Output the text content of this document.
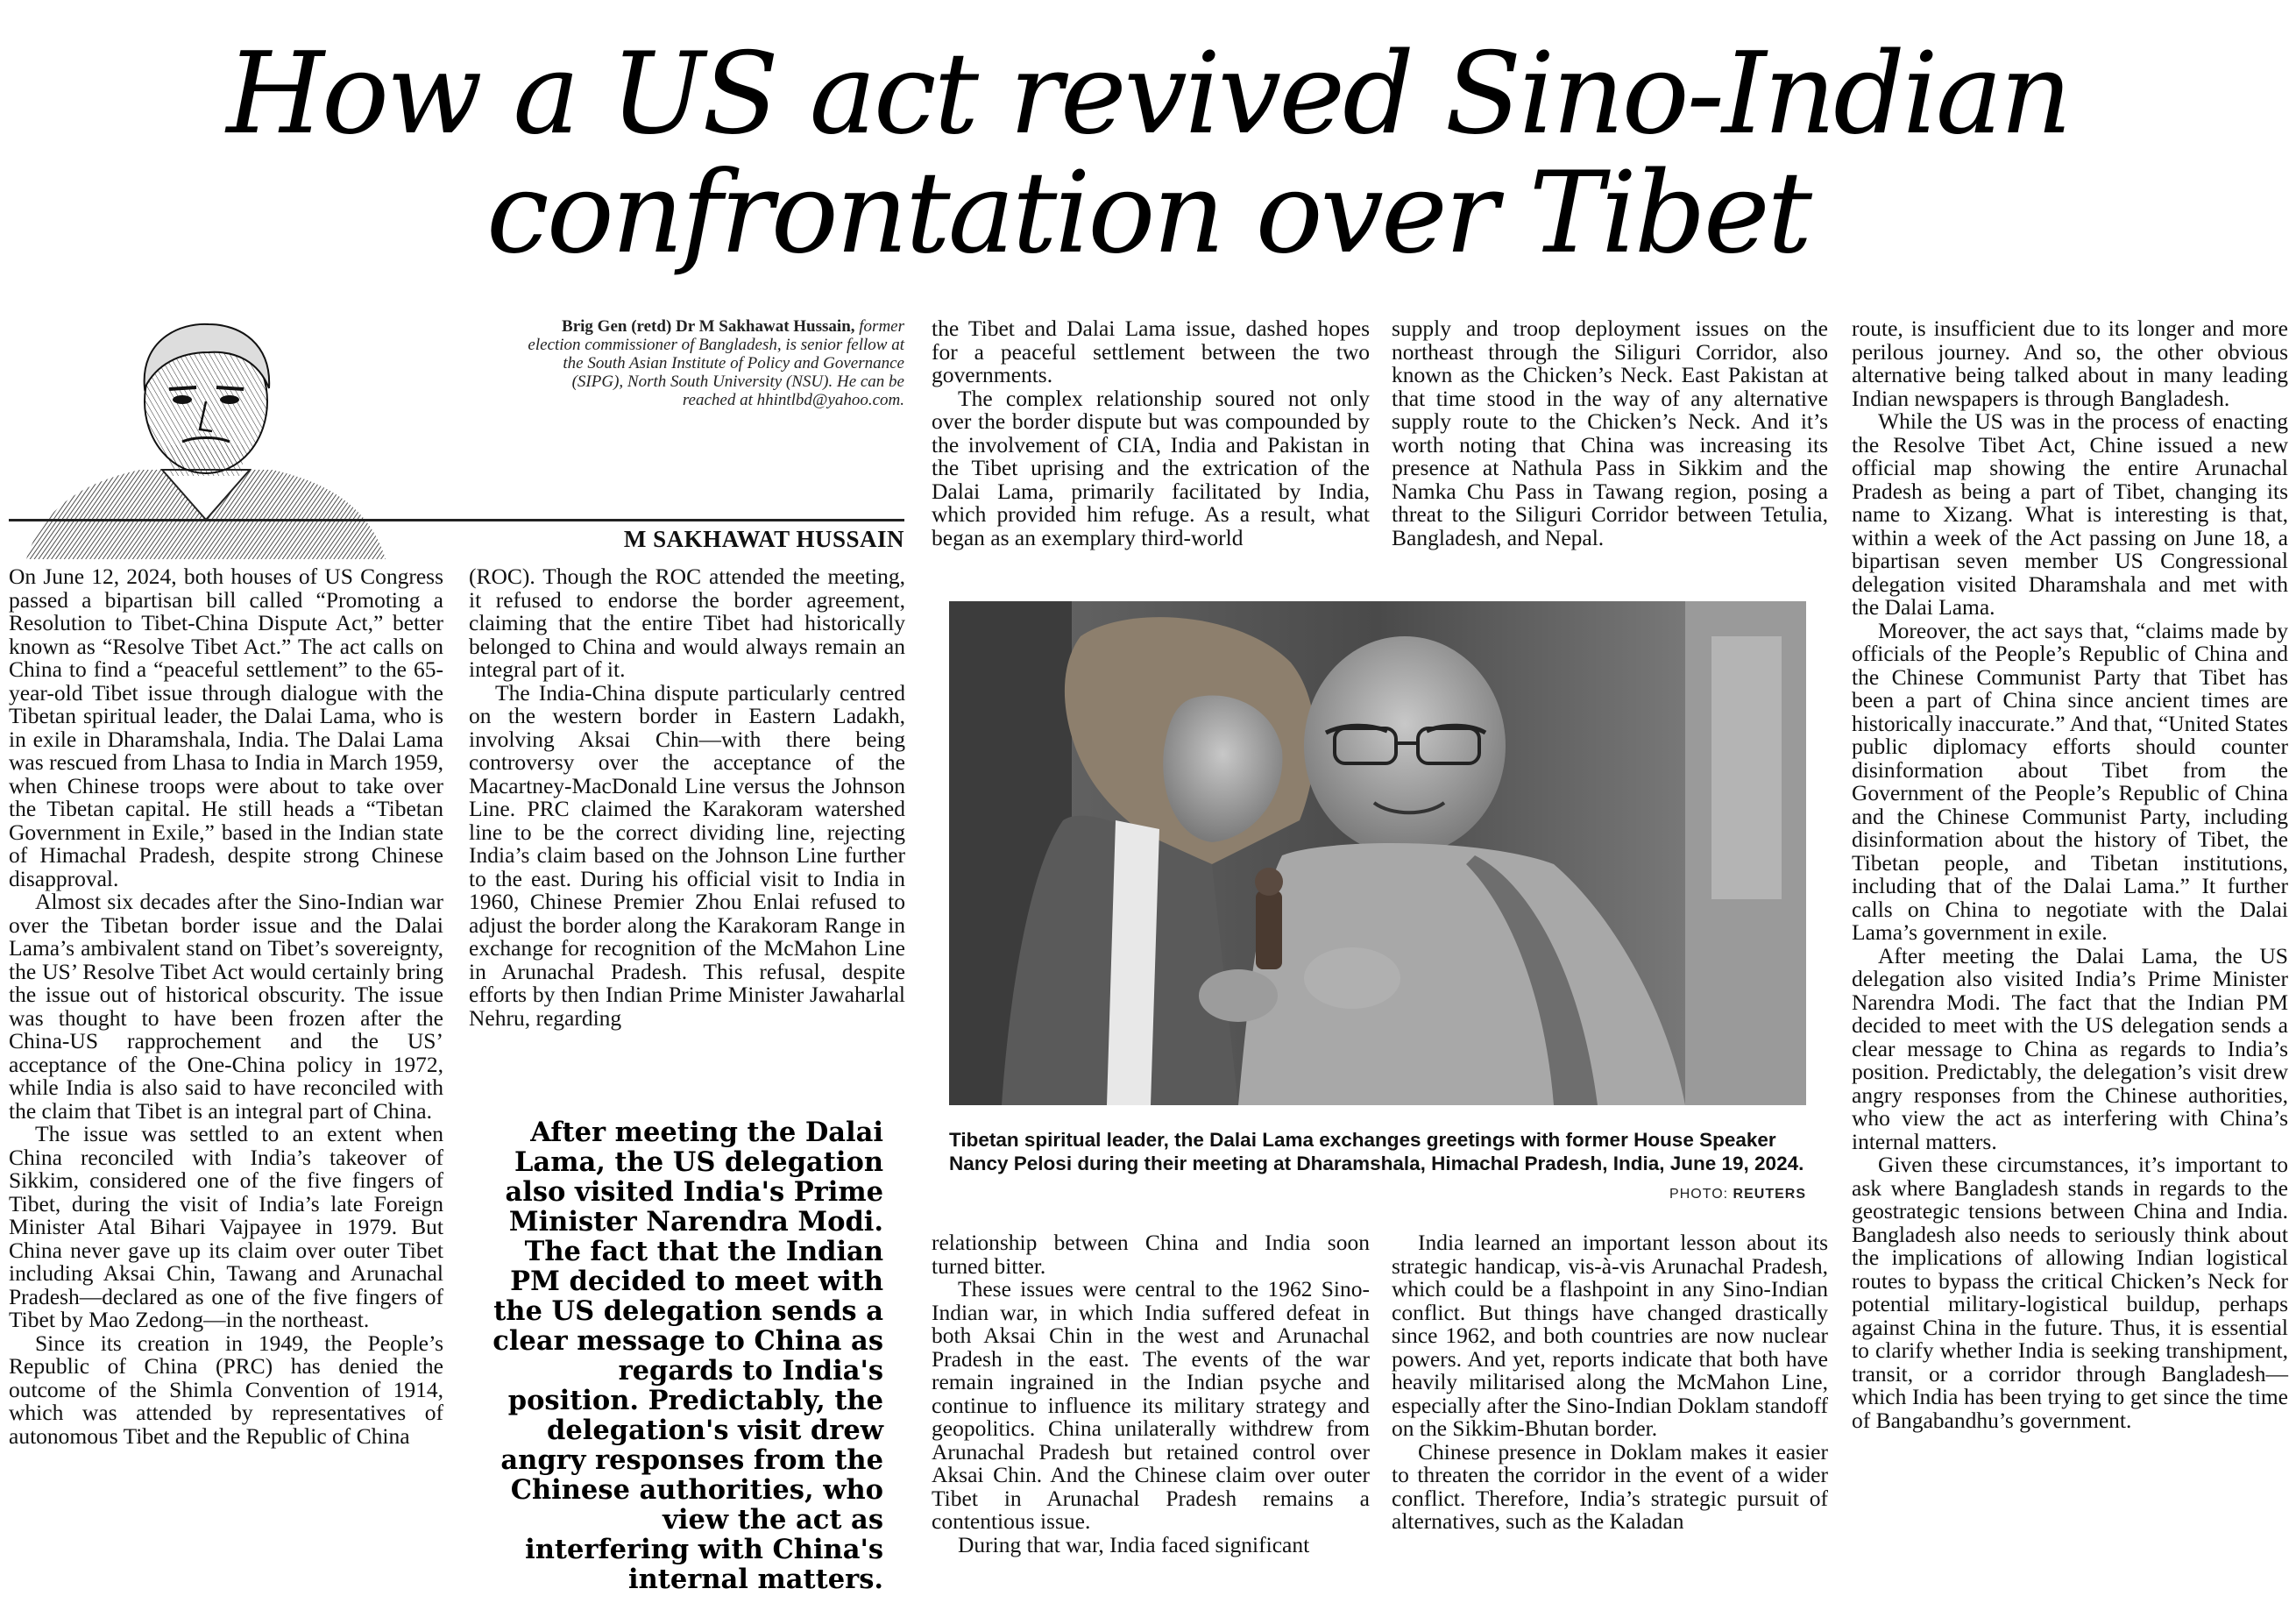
How a US act revived Sino-Indian
confrontation over Tibet
Brig Gen (retd) Dr M Sakhawat Hussain, former election commissioner of Bangladesh, is senior fellow at the South Asian Institute of Policy and Governance (SIPG), North South University (NSU). He can be reached at hhintlbd@yahoo.com.
M SAKHAWAT HUSSAIN

On June 12, 2024, both houses of US Congress passed a bipartisan bill called “Promoting a Resolution to Tibet-China Dispute Act,” better known as “Resolve Tibet Act.” The act calls on China to find a “peaceful settlement” to the 65-year-old Tibet issue through dialogue with the Tibetan spiritual leader, the Dalai Lama, who is in exile in Dharamshala, India. The Dalai Lama was rescued from Lhasa to India in March 1959, when Chinese troops were about to take over the Tibetan capital. He still heads a “Tibetan Government in Exile,” based in the Indian state of Himachal Pradesh, despite strong Chinese disapproval.

Almost six decades after the Sino-Indian war over the Tibetan border issue and the Dalai Lama’s ambivalent stand on Tibet’s sovereignty, the US’ Resolve Tibet Act would certainly bring the issue out of historical obscurity. The issue was thought to have been frozen after the China-US rapprochement and the US’ acceptance of the One-China policy in 1972, while India is also said to have reconciled with the claim that Tibet is an integral part of China.

The issue was settled to an extent when China reconciled with India’s takeover of Sikkim, considered one of the five fingers of Tibet, during the visit of India’s late Foreign Minister Atal Bihari Vajpayee in 1979. But China never gave up its claim over outer Tibet including Aksai Chin, Tawang and Arunachal Pradesh—declared as one of the five fingers of Tibet by Mao Zedong—in the northeast.

Since its creation in 1949, the People’s Republic of China (PRC) has denied the outcome of the Shimla Convention of 1914, which was attended by representatives of autonomous Tibet and the Republic of China

(ROC). Though the ROC attended the meeting, it refused to endorse the border agreement, claiming that the entire Tibet had historically belonged to China and would always remain an integral part of it.

The India-China dispute particularly centred on the western border in Eastern Ladakh, involving Aksai Chin—with there being controversy over the acceptance of the Macartney-MacDonald Line versus the Johnson Line. PRC claimed the Karakoram watershed line to be the correct dividing line, rejecting India’s claim based on the Johnson Line further to the east. During his official visit to India in 1960, Chinese Premier Zhou Enlai refused to adjust the border along the Karakoram Range in exchange for recognition of the McMahon Line in Arunachal Pradesh. This refusal, despite efforts by then Indian Prime Minister Jawaharlal Nehru, regarding

After meeting the Dalai Lama, the US delegation also visited India's Prime Minister Narendra Modi. The fact that the Indian PM decided to meet with the US delegation sends a clear message to China as regards to India's position. Predictably, the delegation's visit drew angry responses from the Chinese authorities, who view the act as interfering with China's internal matters.

the Tibet and Dalai Lama issue, dashed hopes for a peaceful settlement between the two governments.

The complex relationship soured not only over the border dispute but was compounded by the involvement of CIA, India and Pakistan in the Tibet uprising and the extrication of the Dalai Lama, primarily facilitated by India, which provided him refuge. As a result, what began as an exemplary third-world

supply and troop deployment issues on the northeast through the Siliguri Corridor, also known as the Chicken’s Neck. East Pakistan at that time stood in the way of any alternative supply route to the Chicken’s Neck. And it’s worth noting that China was increasing its presence at Nathula Pass in Sikkim and the Namka Chu Pass in Tawang region, posing a threat to the Siliguri Corridor between Tetulia, Bangladesh, and Nepal.

Tibetan spiritual leader, the Dalai Lama exchanges greetings with former House Speaker Nancy Pelosi during their meeting at Dharamshala, Himachal Pradesh, India, June 19, 2024.
PHOTO: REUTERS

relationship between China and India soon turned bitter.

These issues were central to the 1962 Sino-Indian war, in which India suffered defeat in both Aksai Chin in the west and Arunachal Pradesh in the east. The events of the war remain ingrained in the Indian psyche and continue to influence its military strategy and geopolitics. China unilaterally withdrew from Arunachal Pradesh but retained control over Aksai Chin. And the Chinese claim over outer Tibet in Arunachal Pradesh remains a contentious issue.

During that war, India faced significant

India learned an important lesson about its strategic handicap, vis-à-vis Arunachal Pradesh, which could be a flashpoint in any Sino-Indian conflict. But things have changed drastically since 1962, and both countries are now nuclear powers. And yet, reports indicate that both have heavily militarised along the McMahon Line, especially after the Sino-Indian Doklam standoff on the Sikkim-Bhutan border.

Chinese presence in Doklam makes it easier to threaten the corridor in the event of a wider conflict. Therefore, India’s strategic pursuit of alternatives, such as the Kaladan

route, is insufficient due to its longer and more perilous journey. And so, the other obvious alternative being talked about in many leading Indian newspapers is through Bangladesh.

While the US was in the process of enacting the Resolve Tibet Act, Chine issued a new official map showing the entire Arunachal Pradesh as being a part of Tibet, changing its name to Xizang. What is interesting is that, within a week of the Act passing on June 18, a bipartisan seven member US Congressional delegation visited Dharamshala and met with the Dalai Lama.

Moreover, the act says that, “claims made by officials of the People’s Republic of China and the Chinese Communist Party that Tibet has been a part of China since ancient times are historically inaccurate.” And that, “United States public diplomacy efforts should counter disinformation about Tibet from the Government of the People’s Republic of China and the Chinese Communist Party, including disinformation about the history of Tibet, the Tibetan people, and Tibetan institutions, including that of the Dalai Lama.” It further calls on China to negotiate with the Dalai Lama’s government in exile.

After meeting the Dalai Lama, the US delegation also visited India’s Prime Minister Narendra Modi. The fact that the Indian PM decided to meet with the US delegation sends a clear message to China as regards to India’s position. Predictably, the delegation’s visit drew angry responses from the Chinese authorities, who view the act as interfering with China’s internal matters.

Given these circumstances, it’s important to ask where Bangladesh stands in regards to the geostrategic tensions between China and India. Bangladesh also needs to seriously think about the implications of allowing Indian logistical routes to bypass the critical Chicken’s Neck for potential military-logistical buildup, perhaps against China in the future. Thus, it is essential to clarify whether India is seeking transhipment, transit, or a corridor through Bangladesh—which India has been trying to get since the time of Bangabandhu’s government.
